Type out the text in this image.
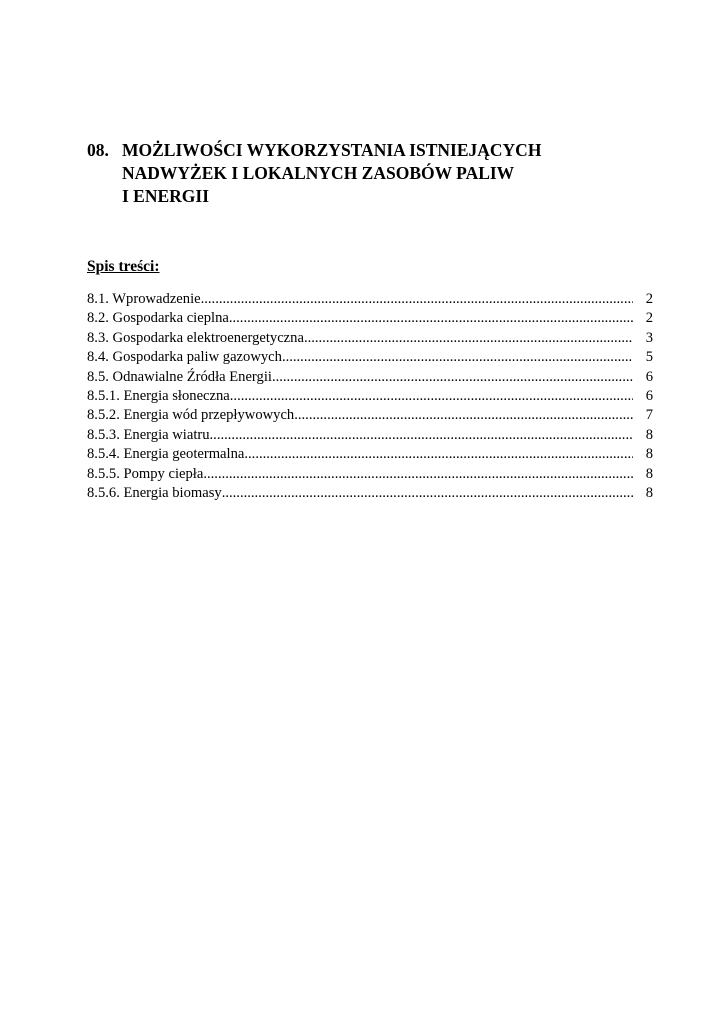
08. MOŻLIWOŚCI WYKORZYSTANIA ISTNIEJĄCYCH
NADWYŻEK I LOKALNYCH ZASOBÓW PALIW
I ENERGII
Spis treści:
8.1. Wprowadzenie .....	2
8.2. Gospodarka cieplna .....	2
8.3. Gospodarka elektroenergetyczna .....	3
8.4. Gospodarka paliw gazowych .....	5
8.5. Odnawialne Źródła Energii .....	6
8.5.1. Energia słoneczna .....	6
8.5.2. Energia wód przepływowych .....	7
8.5.3. Energia wiatru .....	8
8.5.4. Energia geotermalna .....	8
8.5.5. Pompy ciepła .....	8
8.5.6. Energia biomasy .....	8
